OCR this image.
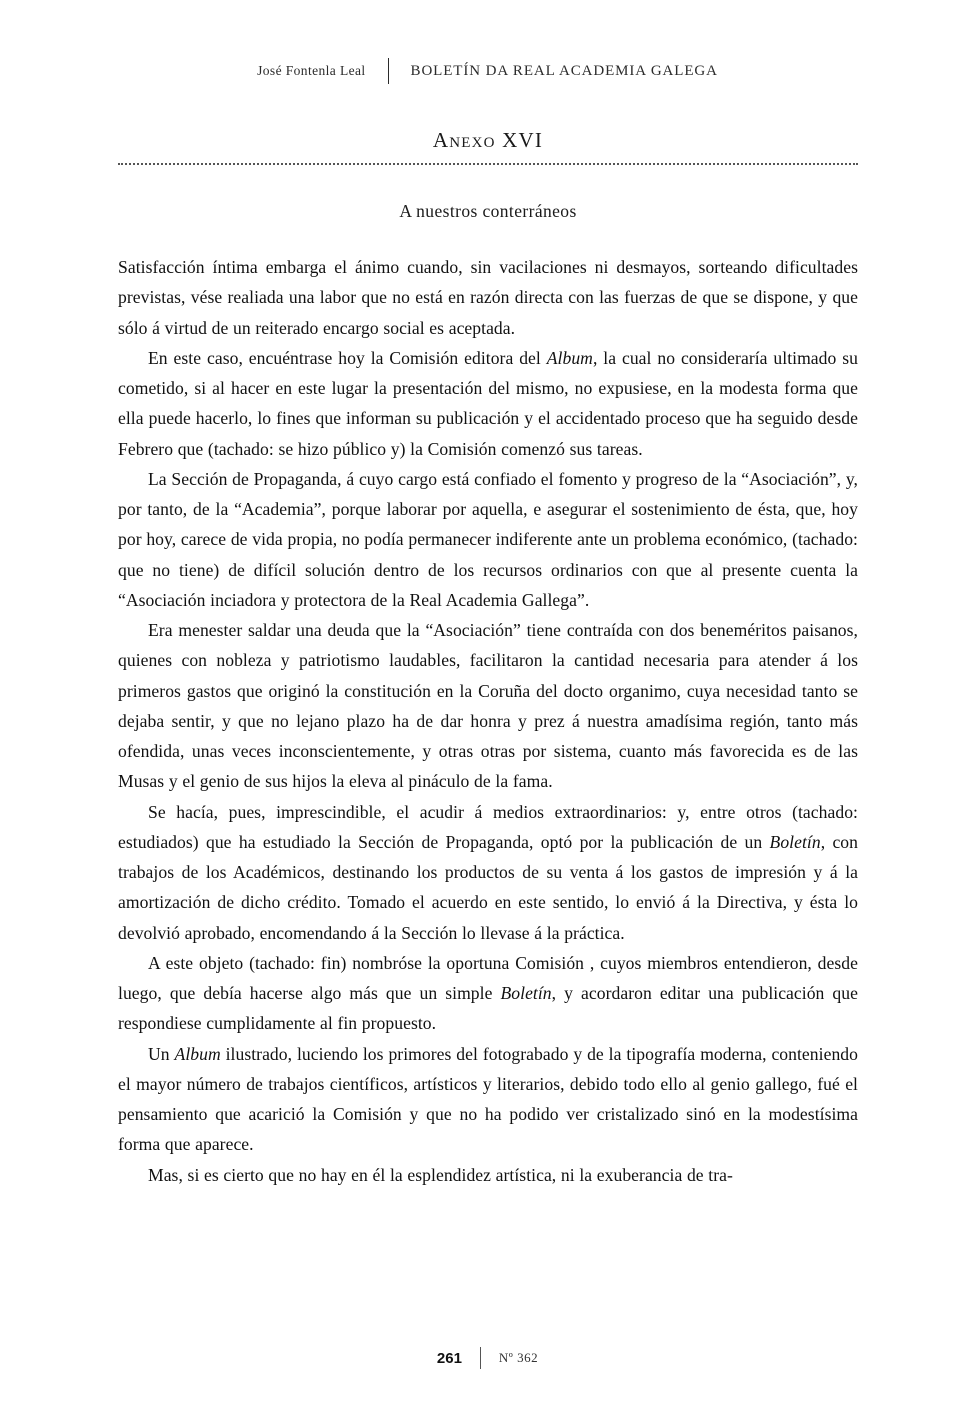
José Fontenla Leal	BOLETÍN DA REAL ACADEMIA GALEGA
Anexo XVI
A nuestros conterráneos

Satisfacción íntima embarga el ánimo cuando, sin vacilaciones ni desmayos, sorteando dificultades previstas, vése realiada una labor que no está en razón directa con las fuerzas de que se dispone, y que sólo á virtud de un reiterado encargo social es aceptada.

En este caso, encuéntrase hoy la Comisión editora del Album, la cual no consideraría ultimado su cometido, si al hacer en este lugar la presentación del mismo, no expusiese, en la modesta forma que ella puede hacerlo, lo fines que informan su publicación y el accidentado proceso que ha seguido desde Febrero que (tachado: se hizo público y) la Comisión comenzó sus tareas.

La Sección de Propaganda, á cuyo cargo está confiado el fomento y progreso de la “Asociación”, y, por tanto, de la “Academia”, porque laborar por aquella, e asegurar el sostenimiento de ésta, que, hoy por hoy, carece de vida propia, no podía permanecer indiferente ante un problema económico, (tachado: que no tiene) de difícil solución dentro de los recursos ordinarios con que al presente cuenta la “Asociación inciadora y protectora de la Real Academia Gallega”.

Era menester saldar una deuda que la “Asociación” tiene contraída con dos beneméritos paisanos, quienes con nobleza y patriotismo laudables, facilitaron la cantidad necesaria para atender á los primeros gastos que originó la constitución en la Coruña del docto organimo, cuya necesidad tanto se dejaba sentir, y que no lejano plazo ha de dar honra y prez á nuestra amadísima región, tanto más ofendida, unas veces inconscientemente, y otras otras por sistema, cuanto más favorecida es de las Musas y el genio de sus hijos la eleva al pináculo de la fama.

Se hacía, pues, imprescindible, el acudir á medios extraordinarios: y, entre otros (tachado: estudiados) que ha estudiado la Sección de Propaganda, optó por la publicación de un Boletín, con trabajos de los Académicos, destinando los productos de su venta á los gastos de impresión y á la amortización de dicho crédito. Tomado el acuerdo en este sentido, lo envió á la Directiva, y ésta lo devolvió aprobado, encomendando á la Sección lo llevase á la práctica.

A este objeto (tachado: fin) nombróse la oportuna Comisión , cuyos miembros entendieron, desde luego, que debía hacerse algo más que un simple Boletín, y acordaron editar una publicación que respondiese cumplidamente al fin propuesto.

Un Album ilustrado, luciendo los primores del fotograbado y de la tipografía moderna, conteniendo el mayor número de trabajos científicos, artísticos y literarios, debido todo ello al genio gallego, fué el pensamiento que acarició la Comisión y que no ha podido ver cristalizado sinó en la modestísima forma que aparece.

Mas, si es cierto que no hay en él la esplendidez artística, ni la exuberancia de tra-

261	Nº 362
